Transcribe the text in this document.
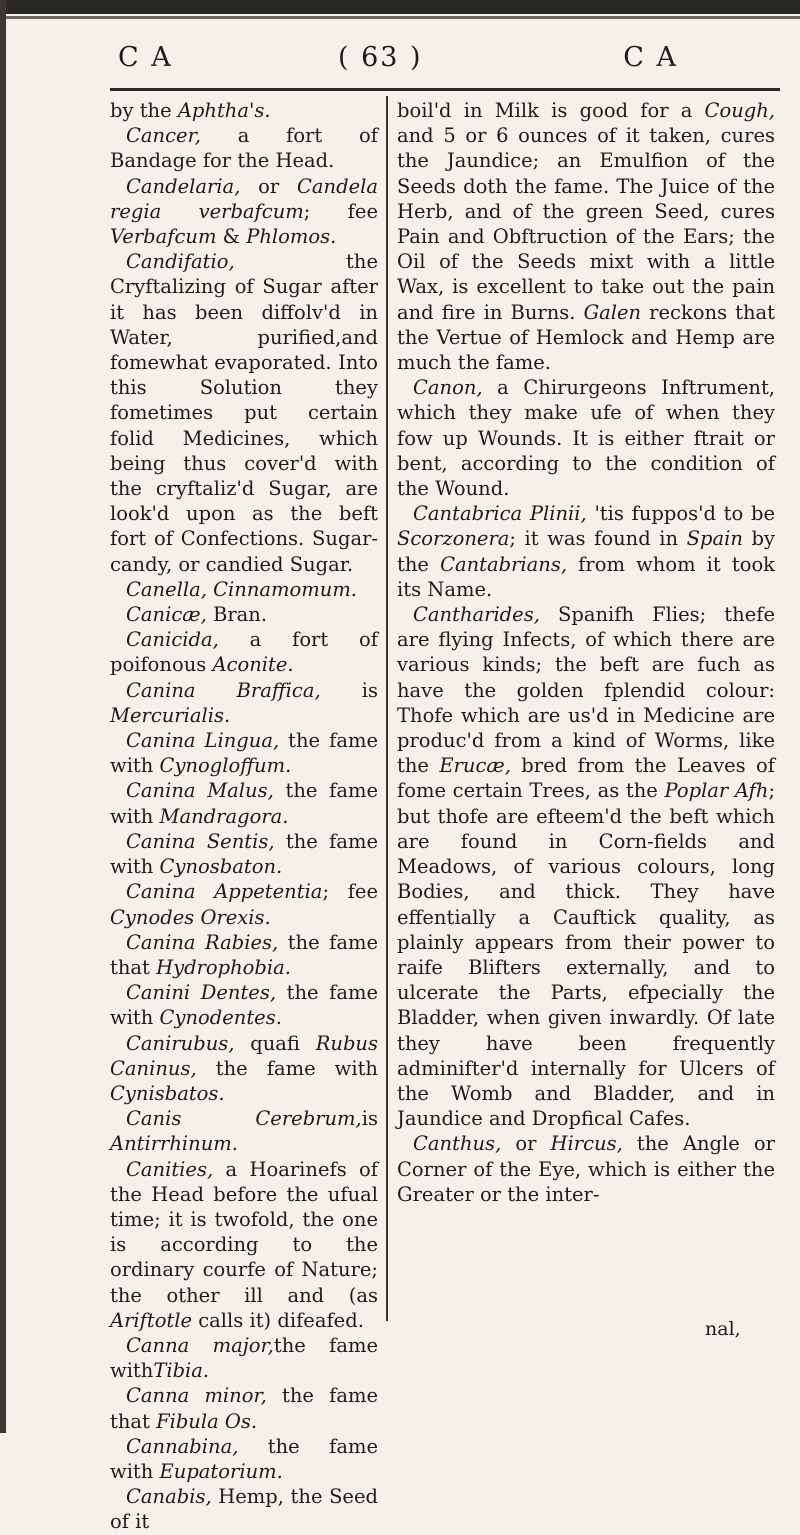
C A	( 63 )	C A

by the Aphtha's.

Cancer, a fort of Bandage for the Head.

Candelaria, or Candela regia verbafcum; fee Verbafcum & Phlomos.

Candifatio, the Cryftalizing of Sugar after it has been diffolv'd in Water, purified,and fomewhat evaporated. Into this Solution they fometimes put certain folid Medicines, which being thus cover'd with the cryftaliz'd Sugar, are look'd upon as the beft fort of Confections. Sugar-candy, or candied Sugar.

Canella, Cinnamomum.

Canicæ, Bran.

Canicida, a fort of poifonous Aconite.

Canina Braffica, is Mercurialis.

Canina Lingua, the fame with Cynogloffum.

Canina Malus, the fame with Mandragora.

Canina Sentis, the fame with Cynosbaton.

Canina Appetentia; fee Cynodes Orexis.

Canina Rabies, the fame that Hydrophobia.

Canini Dentes, the fame with Cynodentes.

Canirubus, quafi Rubus Caninus, the fame with Cynisbatos.

Canis Cerebrum,is Antirrhinum.

Canities, a Hoarinefs of the Head before the ufual time; it is twofold, the one is according to the ordinary courfe of Nature; the other ill and (as Ariftotle calls it) difeafed.

Canna major,the fame withTibia.

Canna minor, the fame that Fibula Os.

Cannabina, the fame with Eupatorium.

Canabis, Hemp, the Seed of it

boil'd in Milk is good for a Cough, and 5 or 6 ounces of it taken, cures the Jaundice; an Emulfion of the Seeds doth the fame. The Juice of the Herb, and of the green Seed, cures Pain and Obftruction of the Ears; the Oil of the Seeds mixt with a little Wax, is excellent to take out the pain and fire in Burns. Galen reckons that the Vertue of Hemlock and Hemp are much the fame.

Canon, a Chirurgeons Inftrument, which they make ufe of when they fow up Wounds. It is either ftrait or bent, according to the condition of the Wound.

Cantabrica Plinii, 'tis fuppos'd to be Scorzonera; it was found in Spain by the Cantabrians, from whom it took its Name.

Cantharides, Spanifh Flies; thefe are flying Infects, of which there are various kinds; the beft are fuch as have the golden fplendid colour: Thofe which are us'd in Medicine are produc'd from a kind of Worms, like the Erucæ, bred from the Leaves of fome certain Trees, as the Poplar Afh; but thofe are efteem'd the beft which are found in Corn-fields and Meadows, of various colours, long Bodies, and thick. They have effentially a Cauftick quality, as plainly appears from their power to raife Blifters externally, and to ulcerate the Parts, efpecially the Bladder, when given inwardly. Of late they have been frequently adminifter'd internally for Ulcers of the Womb and Bladder, and in Jaundice and Dropfical Cafes.

Canthus, or Hircus, the Angle or Corner of the Eye, which is either the Greater or the inter-

nal,
